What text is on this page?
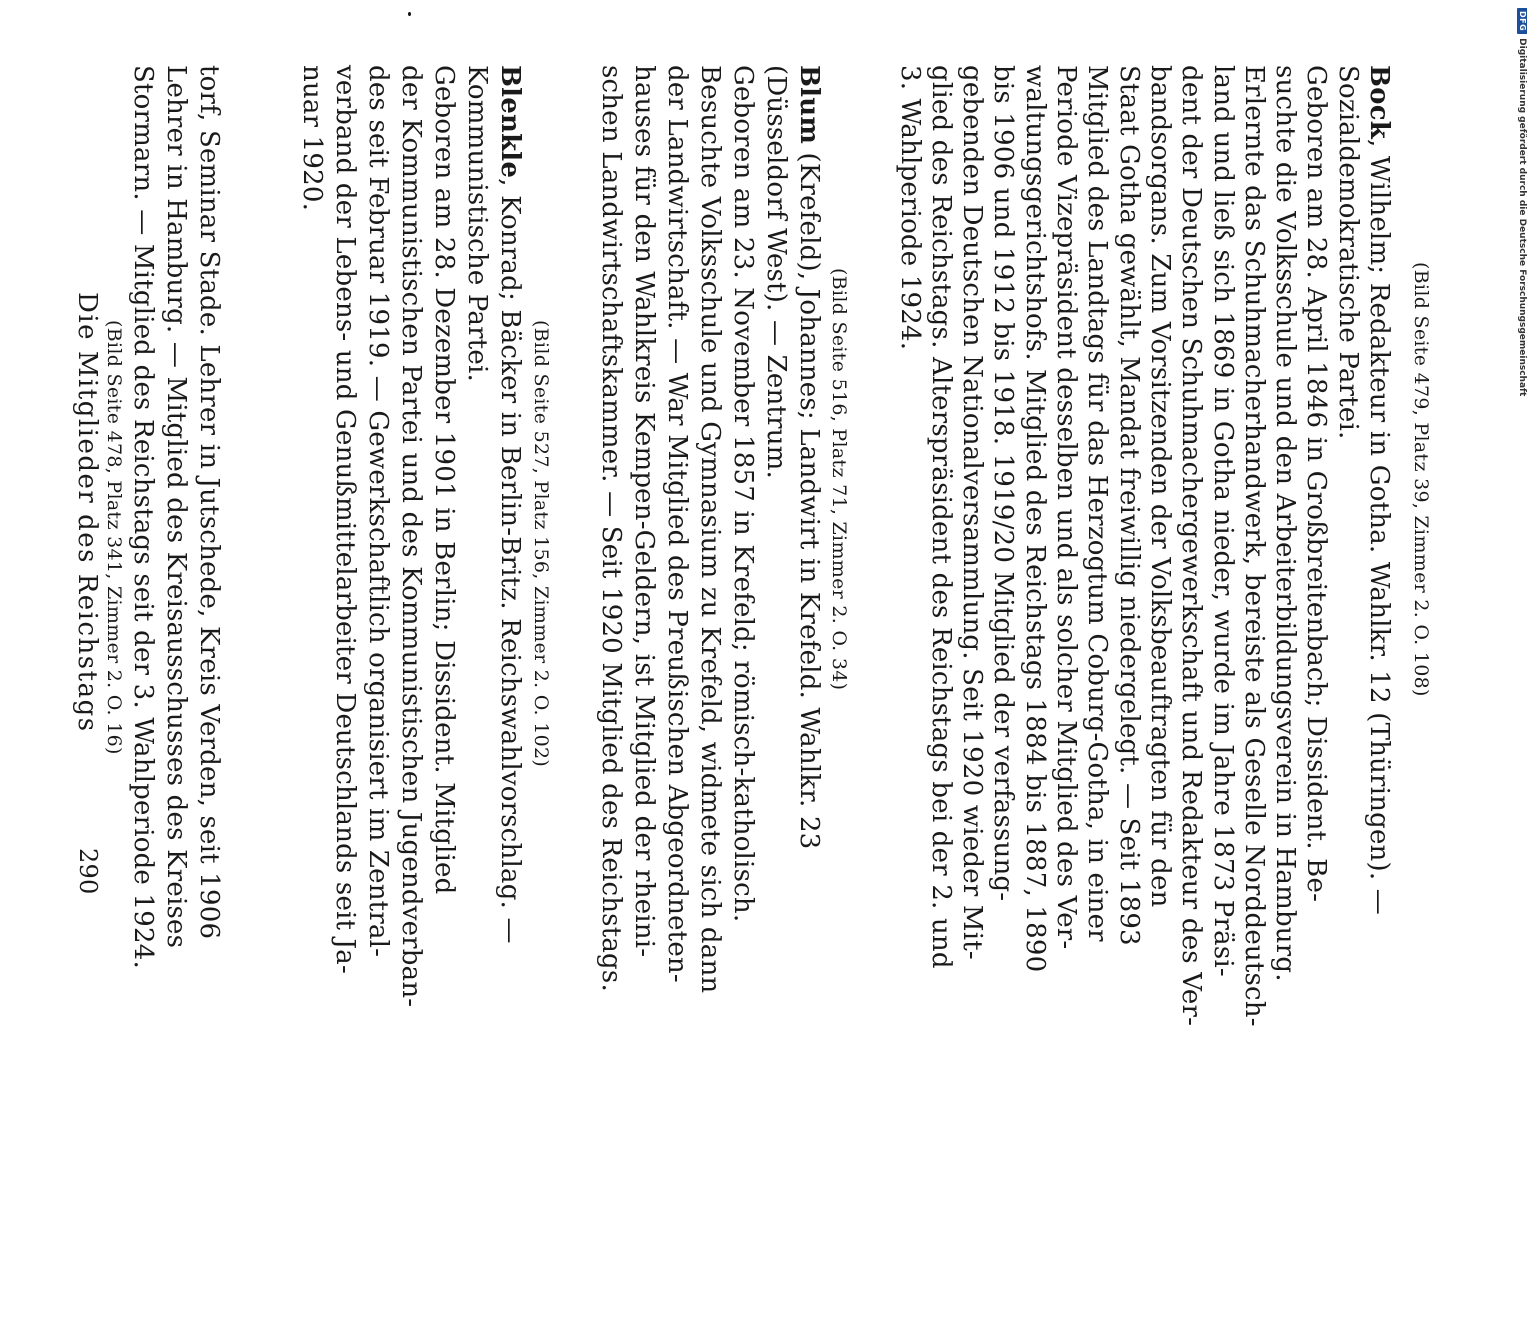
290
Die Mitglieder des Reichstags	torf, Seminar Stade. Lehrer in Jutschede, Kreis Verden, seit 1906
Lehrer in Hamburg. — Mitglied des Kreisausschusses des Kreises
Stormarn. — Mitglied des Reichstags seit der 3. Wahlperiode 1924.
(Bild Seite 478, Platz 341, Zimmer 2. O. 16)
Blenkle, Konrad; Bäcker in Berlin-Britz. Reichswahlvorschlag. —
Kommunistische Partei.
Geboren am 28. Dezember 1901 in Berlin; Dissident. Mitglied
der Kommunistischen Partei und des Kommunistischen Jugendverban-
des seit Februar 1919. — Gewerkschaftlich organisiert im Zentral-
verband der Lebens- und Genußmittelarbeiter Deutschlands seit Ja-
nuar 1920.
(Bild Seite 527, Platz 156, Zimmer 2. O. 102)
Blum (Krefeld), Johannes; Landwirt in Krefeld. Wahlkr. 23
(Düsseldorf West). — Zentrum.
Geboren am 23. November 1857 in Krefeld; römisch-katholisch.
Besuchte Volksschule und Gymnasium zu Krefeld, widmete sich dann
der Landwirtschaft. — War Mitglied des Preußischen Abgeordneten-
hauses für den Wahlkreis Kempen-Geldern, ist Mitglied der rheini-
schen Landwirtschaftskammer. — Seit 1920 Mitglied des Reichstags.	(Bild Seite 516, Platz 71, Zimmer 2. O. 34)
Bock, Wilhelm; Redakteur in Gotha. Wahlkr. 12 (Thüringen). —
Sozialdemokratische Partei.
Geboren am 28. April 1846 in Großbreitenbach; Dissident. Be-
suchte die Volksschule und den Arbeiterbildungsverein in Hamburg.
Erlernte das Schuhmacherhandwerk, bereiste als Geselle Norddeutsch-
land und ließ sich 1869 in Gotha nieder, wurde im Jahre 1873 Präsi-
dent der Deutschen Schuhmachergewerkschaft und Redakteur des Ver-
bandsorgans. Zum Vorsitzenden der Volksbeauftragten für den
Staat Gotha gewählt, Mandat freiwillig niedergelegt. — Seit 1893
Mitglied des Landtags für das Herzogtum Coburg-Gotha, in einer
Periode Vizepräsident desselben und als solcher Mitglied des Ver-
waltungsgerichtshofs. Mitglied des Reichstags 1884 bis 1887, 1890
bis 1906 und 1912 bis 1918. 1919/20 Mitglied der verfassung-
gebenden Deutschen Nationalversammlung. Seit 1920 wieder Mit-
glied des Reichstags. Alterspräsident des Reichstags bei der 2. und
3. Wahlperiode 1924.
(Bild Seite 479, Platz 39, Zimmer 2. O. 108)
DFGDigitalisierung gefördert durch die Deutsche Forschungsgemeinschaft
